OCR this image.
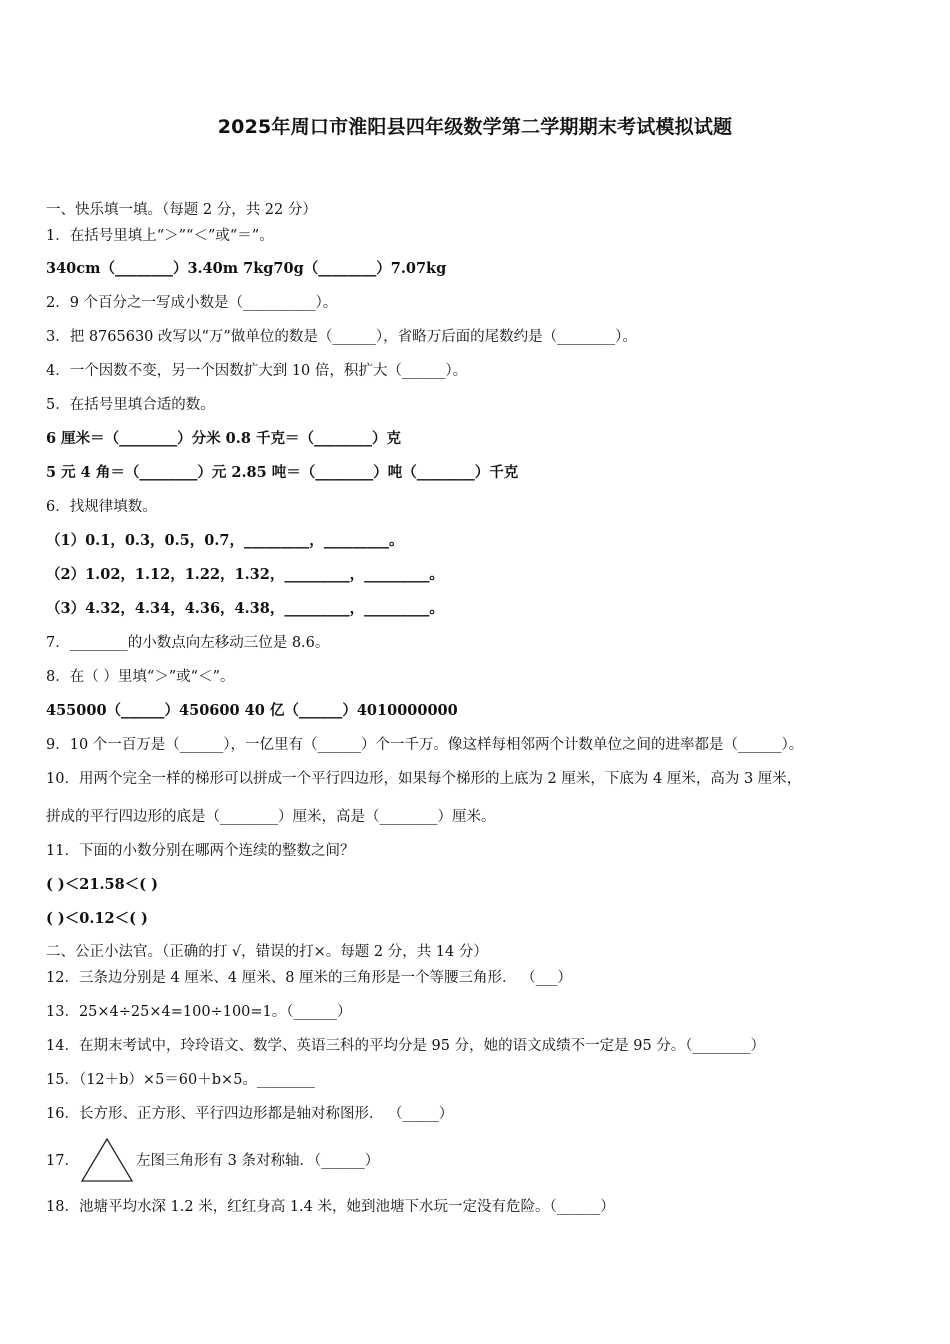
2025年周口市淮阳县四年级数学第二学期期末考试模拟试题
一、快乐填一填。（每题 2 分，共 22 分）
1．在括号里填上“＞”“＜”或“＝”。
340cm（________）3.40m 7kg70g（________）7.07kg
2．9 个百分之一写成小数是（__________）。
3．把 8765630 改写以“万”做单位的数是（______），省略万后面的尾数约是（________）。
4．一个因数不变，另一个因数扩大到 10 倍，积扩大（______）。
5．在括号里填合适的数。
6 厘米＝（________）分米 0.8 千克＝（________）克
5 元 4 角＝（________）元 2.85 吨＝（________）吨（________）千克
6．找规律填数。
（1）0.1，0.3，0.5，0.7，_________，_________。
（2）1.02，1.12，1.22，1.32，_________，_________。
（3）4.32，4.34，4.36，4.38，_________，_________。
7．________的小数点向左移动三位是 8.6。
8．在（ ）里填“＞”或“＜”。
455000（______）450600 40 亿（______）4010000000
9．10 个一百万是（______），一亿里有（______）个一千万。像这样每相邻两个计数单位之间的进率都是（______）。
10．用两个完全一样的梯形可以拼成一个平行四边形，如果每个梯形的上底为 2 厘米，下底为 4 厘米，高为 3 厘米，
拼成的平行四边形的底是（________）厘米，高是（________）厘米。
11．下面的小数分别在哪两个连续的整数之间？
( )＜21.58＜( )
( )＜0.12＜( )
二、公正小法官。（正确的打 √，错误的打×。每题 2 分，共 14 分）
12．三条边分别是 4 厘米、4 厘米、8 厘米的三角形是一个等腰三角形． （___）
13．25×4÷25×4=100÷100=1。（______）
14．在期末考试中，玲玲语文、数学、英语三科的平均分是 95 分，她的语文成绩不一定是 95 分。（________）
15．（12＋b）×5＝60＋b×5。________
16．长方形、正方形、平行四边形都是轴对称图形． （_____）
17．	左图三角形有 3 条对称轴．（______）
18．池塘平均水深 1.2 米，红红身高 1.4 米，她到池塘下水玩一定没有危险。（______）
